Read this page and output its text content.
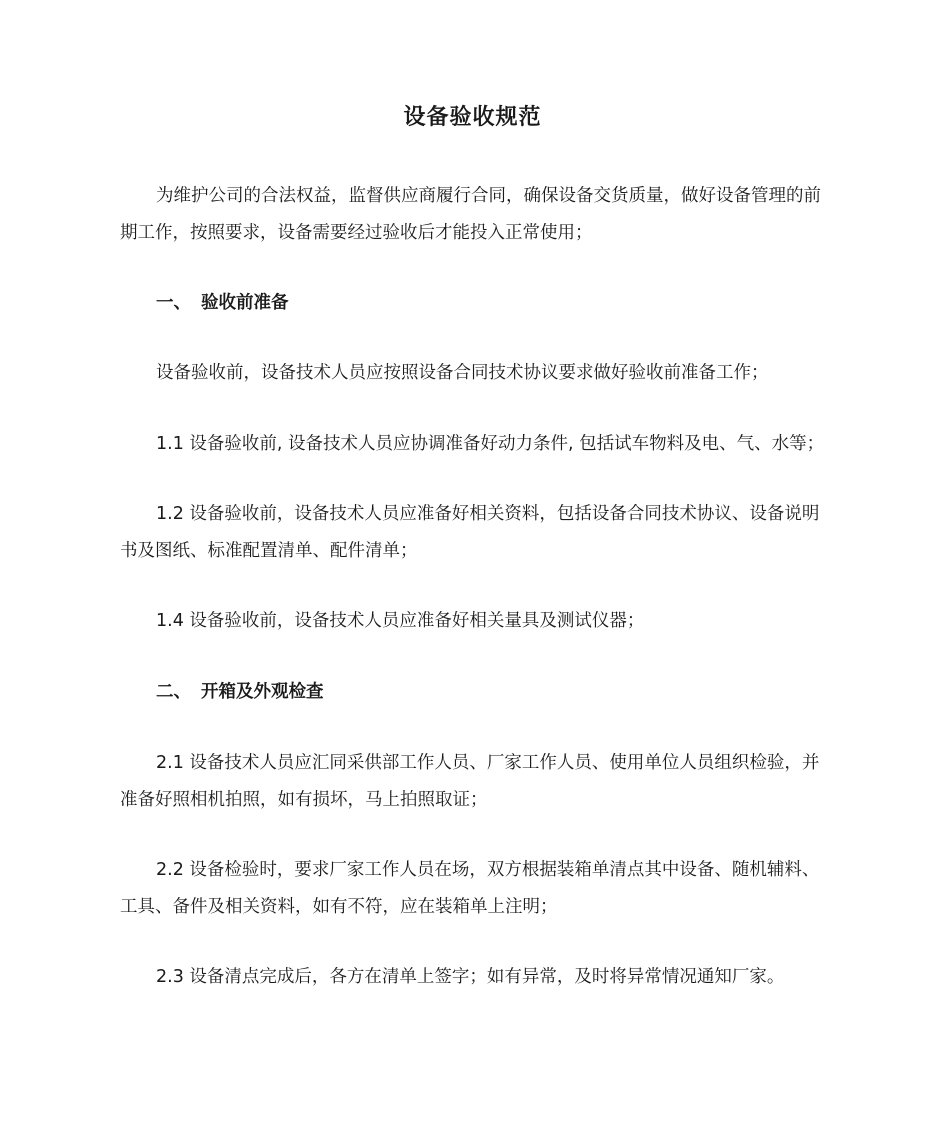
设备验收规范
为维护公司的合法权益，监督供应商履行合同，确保设备交货质量，做好设备管理的前期工作，按照要求，设备需要经过验收后才能投入正常使用；
一、 验收前准备
设备验收前，设备技术人员应按照设备合同技术协议要求做好验收前准备工作；
1.1 设备验收前, 设备技术人员应协调准备好动力条件, 包括试车物料及电、气、水等；
1.2 设备验收前，设备技术人员应准备好相关资料，包括设备合同技术协议、设备说明书及图纸、标准配置清单、配件清单；
1.4 设备验收前，设备技术人员应准备好相关量具及测试仪器；
二、 开箱及外观检查
2.1 设备技术人员应汇同采供部工作人员、厂家工作人员、使用单位人员组织检验，并准备好照相机拍照，如有损坏，马上拍照取证；
2.2 设备检验时，要求厂家工作人员在场，双方根据装箱单清点其中设备、随机辅料、工具、备件及相关资料，如有不符，应在装箱单上注明；
2.3 设备清点完成后，各方在清单上签字；如有异常，及时将异常情况通知厂家。
